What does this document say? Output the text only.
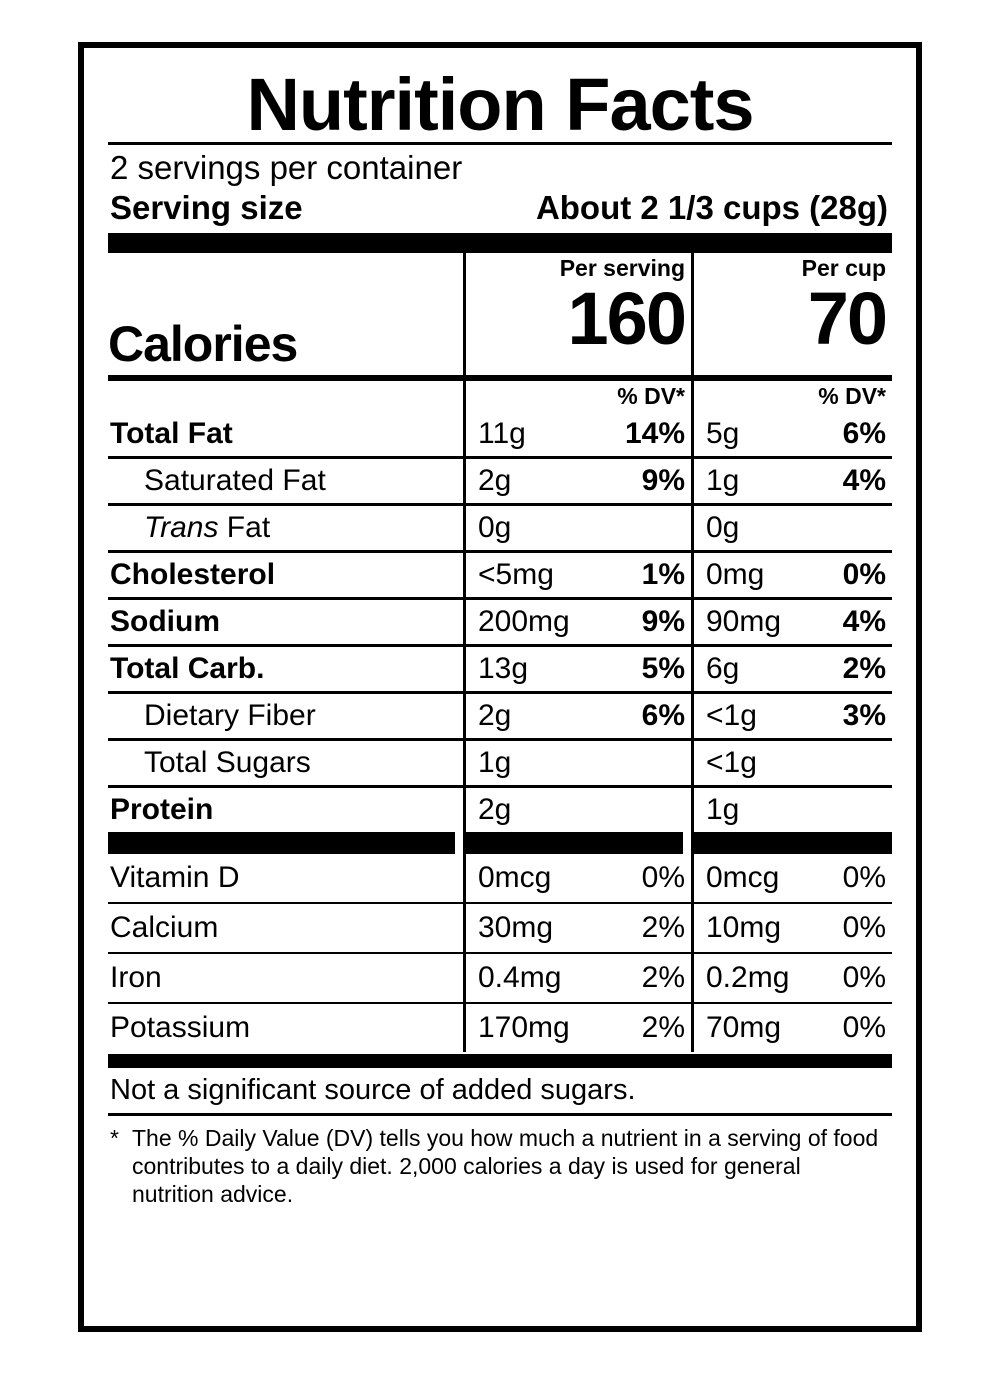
Nutrition Facts
2 servings per container
Serving size	About 2 1/3 cups (28g)
Per serving	Per cup
Calories	160	70

% DV*	% DV*
Total Fat	11g	14% 5g	6%
Saturated Fat	2g	9% 1g	4%
Trans Fat	0g	0g
Cholesterol	<5mg	1% 0mg	0%
Sodium	200mg 9% 90mg 4%
Total Carb.	13g	5% 6g	2%
Dietary Fiber	2g	6% <1g	3%
Total Sugars	1g	<1g
Protein	2g	1g
Vitamin D	0mcg	0% 0mcg 0%
Calcium	30mg	2% 10mg 0%
Iron	0.4mg	2% 0.2mg 0%
Potassium	170mg 2% 70mg 0%
Not a significant source of added sugars.
* The % Daily Value (DV) tells you how much a nutrient in a serving of food contributes to a daily diet. 2,000 calories a day is used for general nutrition advice.
